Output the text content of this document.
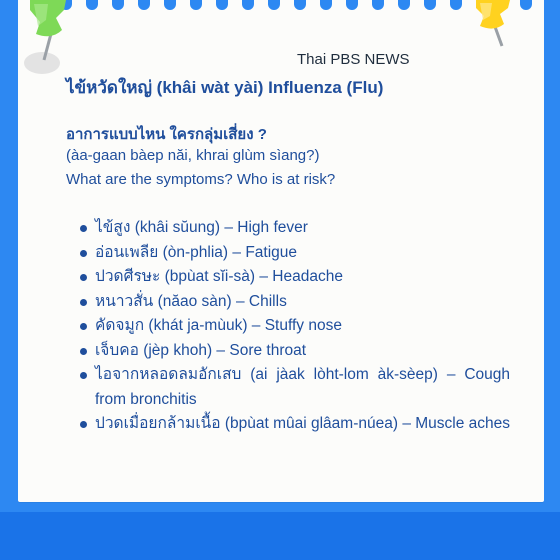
Thai PBS NEWS
ไข้หวัดใหญ่ (khâi wàt yài) Influenza (Flu)
อาการแบบไหน ใครกลุ่มเสี่ยง ?
(àa-gaan bàep năi, khrai glùm sìang?)
What are the symptoms? Who is at risk?
ไข้สูง (khâi sŭung) – High fever
อ่อนเพลีย (òn-phlia) – Fatigue
ปวดศีรษะ (bpùat sĭi-sà) – Headache
หนาวสั่น (năao sàn) – Chills
คัดจมูก (khát ja-mùuk) – Stuffy nose
เจ็บคอ (jèp khoh) – Sore throat
ไอจากหลอดลมอักเสบ (ai jàak lòht-lom àk-sèep) – Cough from bronchitis
ปวดเมื่อยกล้ามเนื้อ (bpùat mûai glâam-núea) – Muscle aches
